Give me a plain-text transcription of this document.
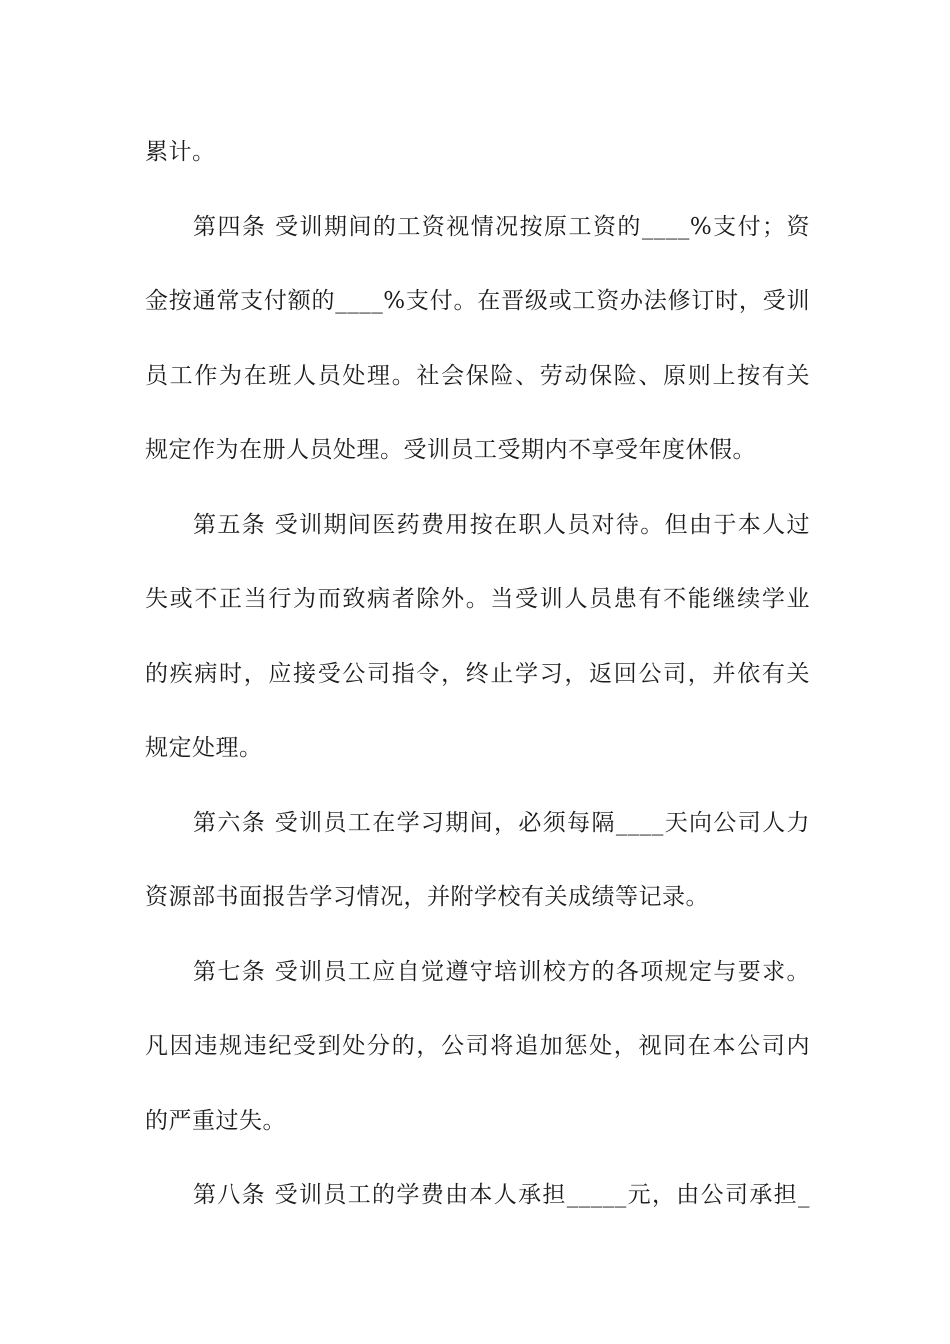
累计。
第四条 受训期间的工资视情况按原工资的____%支付；资
金按通常支付额的____%支付。在晋级或工资办法修订时，受训
员工作为在班人员处理。社会保险、劳动保险、原则上按有关
规定作为在册人员处理。受训员工受期内不享受年度休假。
第五条 受训期间医药费用按在职人员对待。但由于本人过
失或不正当行为而致病者除外。当受训人员患有不能继续学业
的疾病时，应接受公司指令，终止学习，返回公司，并依有关
规定处理。
第六条 受训员工在学习期间，必须每隔____天向公司人力
资源部书面报告学习情况，并附学校有关成绩等记录。
第七条 受训员工应自觉遵守培训校方的各项规定与要求。
凡因违规违纪受到处分的，公司将追加惩处，视同在本公司内
的严重过失。
第八条 受训员工的学费由本人承担_____元，由公司承担_
